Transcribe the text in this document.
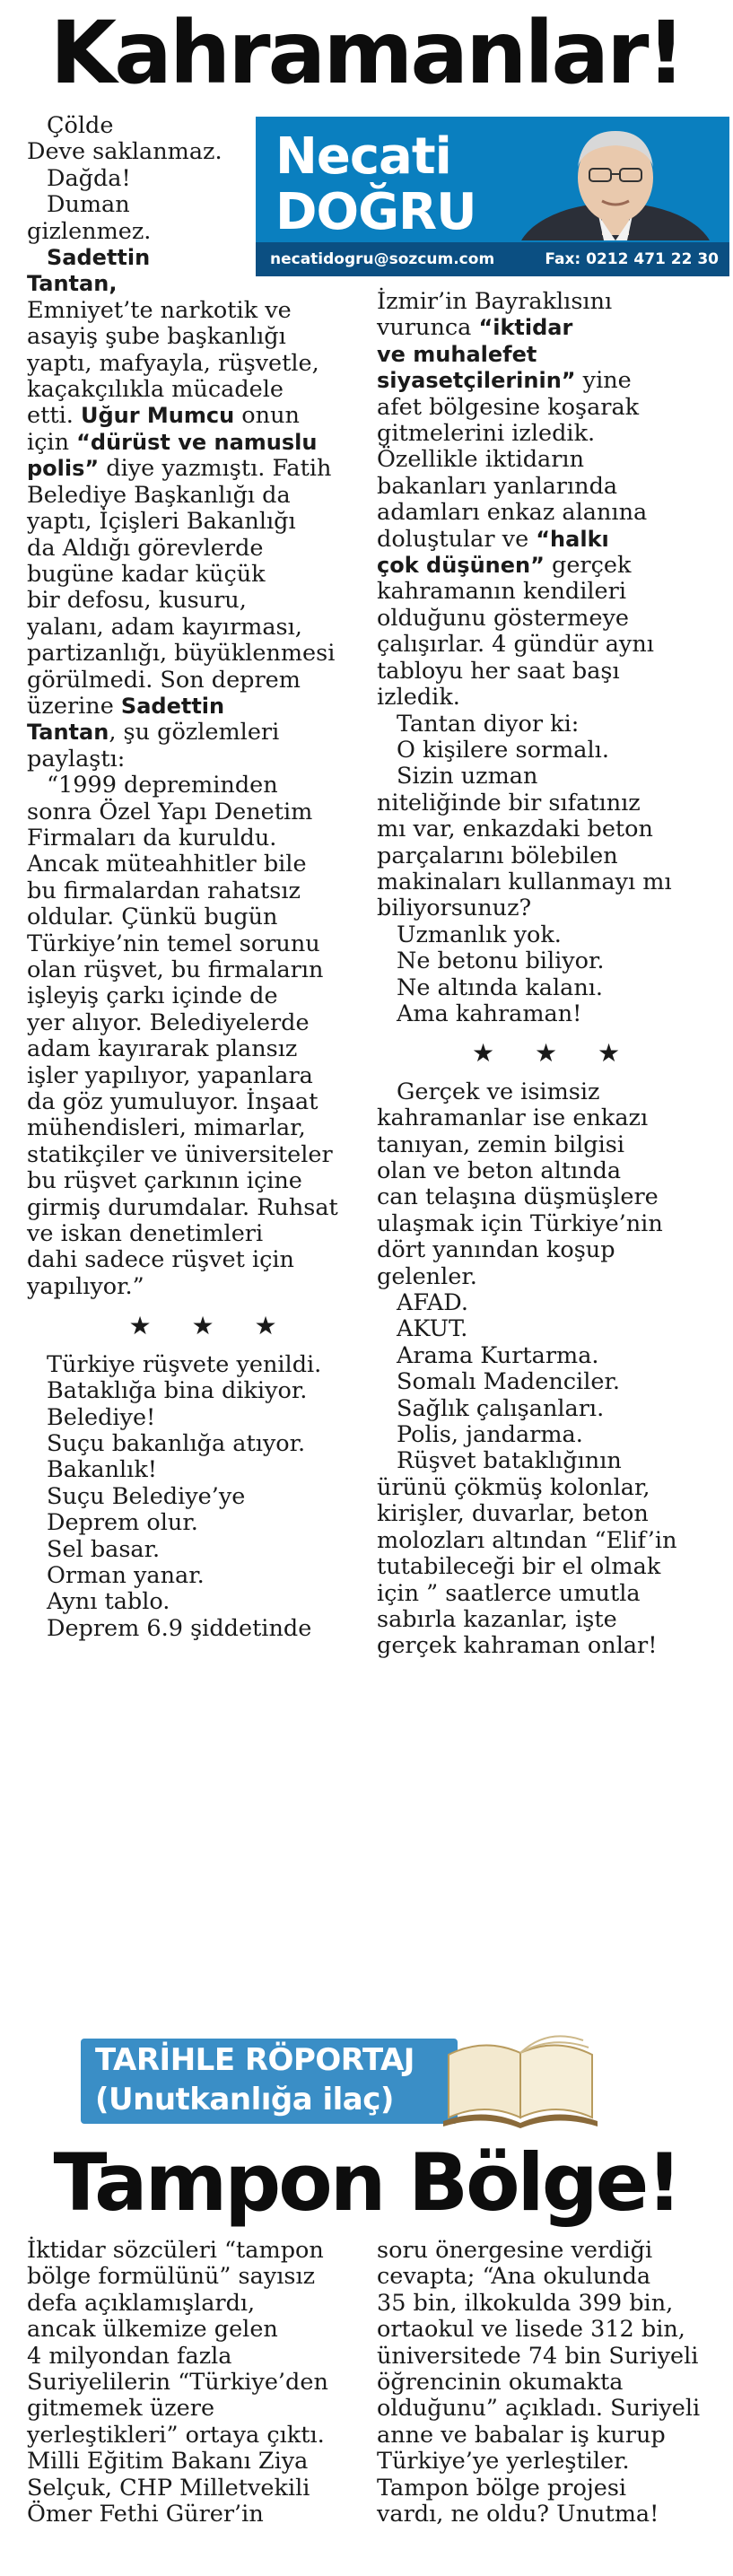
Kahramanlar!
Necati
DOĞRU
necatidogru@sozcum.com	Fax: 0212 471 22 30

Çölde

Deve saklanmaz.

Dağda!

Duman

gizlenmez.

Sadettin

Tantan,

Emniyet’te narkotik ve

asayiş şube başkanlığı

yaptı, mafyayla, rüşvetle,

kaçakçılıkla mücadele

etti. Uğur Mumcu onun

için “dürüst ve namuslu

polis” diye yazmıştı. Fatih

Belediye Başkanlığı da

yaptı, İçişleri Bakanlığı

da Aldığı görevlerde

bugüne kadar küçük

bir defosu, kusuru,

yalanı, adam kayırması,

partizanlığı, büyüklenmesi

görülmedi. Son deprem

üzerine Sadettin

Tantan, şu gözlemleri

paylaştı:

“1999 depreminden

sonra Özel Yapı Denetim

Firmaları da kuruldu.

Ancak müteahhitler bile

bu firmalardan rahatsız

oldular. Çünkü bugün

Türkiye’nin temel sorunu

olan rüşvet, bu firmaların

işleyiş çarkı içinde de

yer alıyor. Belediyelerde

adam kayırarak plansız

işler yapılıyor, yapanlara

da göz yumuluyor. İnşaat

mühendisleri, mimarlar,

statikçiler ve üniversiteler

bu rüşvet çarkının içine

girmiş durumdalar. Ruhsat

ve iskan denetimleri

dahi sadece rüşvet için

yapılıyor.”

★ ★ ★

Türkiye rüşvete yenildi.

Bataklığa bina dikiyor.

Belediye!

Suçu bakanlığa atıyor.

Bakanlık!

Suçu Belediye’ye

Deprem olur.

Sel basar.

Orman yanar.

Aynı tablo.

Deprem 6.9 şiddetinde

İzmir’in Bayraklısını

vurunca “iktidar

ve muhalefet

siyasetçilerinin” yine

afet bölgesine koşarak

gitmelerini izledik.

Özellikle iktidarın

bakanları yanlarında

adamları enkaz alanına

doluştular ve “halkı

çok düşünen” gerçek

kahramanın kendileri

olduğunu göstermeye

çalışırlar. 4 gündür aynı

tabloyu her saat başı

izledik.

Tantan diyor ki:

O kişilere sormalı.

Sizin uzman

niteliğinde bir sıfatınız

mı var, enkazdaki beton

parçalarını bölebilen

makinaları kullanmayı mı

biliyorsunuz?

Uzmanlık yok.

Ne betonu biliyor.

Ne altında kalanı.

Ama kahraman!

★ ★ ★

Gerçek ve isimsiz

kahramanlar ise enkazı

tanıyan, zemin bilgisi

olan ve beton altında

can telaşına düşmüşlere

ulaşmak için Türkiye’nin

dört yanından koşup

gelenler.

AFAD.

AKUT.

Arama Kurtarma.

Somalı Madenciler.

Sağlık çalışanları.

Polis, jandarma.

Rüşvet bataklığının

ürünü çökmüş kolonlar,

kirişler, duvarlar, beton

molozları altından “Elif’in

tutabileceği bir el olmak

için ” saatlerce umutla

sabırla kazanlar, işte

gerçek kahraman onlar!

TARİHLE RÖPORTAJ
(Unutkanlığa ilaç)
Tampon Bölge!

İktidar sözcüleri “tampon

bölge formülünü” sayısız

defa açıklamışlardı,

ancak ülkemize gelen

4 milyondan fazla

Suriyelilerin “Türkiye’den

gitmemek üzere

yerleştikleri” ortaya çıktı.

Milli Eğitim Bakanı Ziya

Selçuk, CHP Milletvekili

Ömer Fethi Gürer’in

soru önergesine verdiği

cevapta; “Ana okulunda

35 bin, ilkokulda 399 bin,

ortaokul ve lisede 312 bin,

üniversitede 74 bin Suriyeli

öğrencinin okumakta

olduğunu” açıkladı. Suriyeli

anne ve babalar iş kurup

Türkiye’ye yerleştiler.

Tampon bölge projesi

vardı, ne oldu? Unutma!
